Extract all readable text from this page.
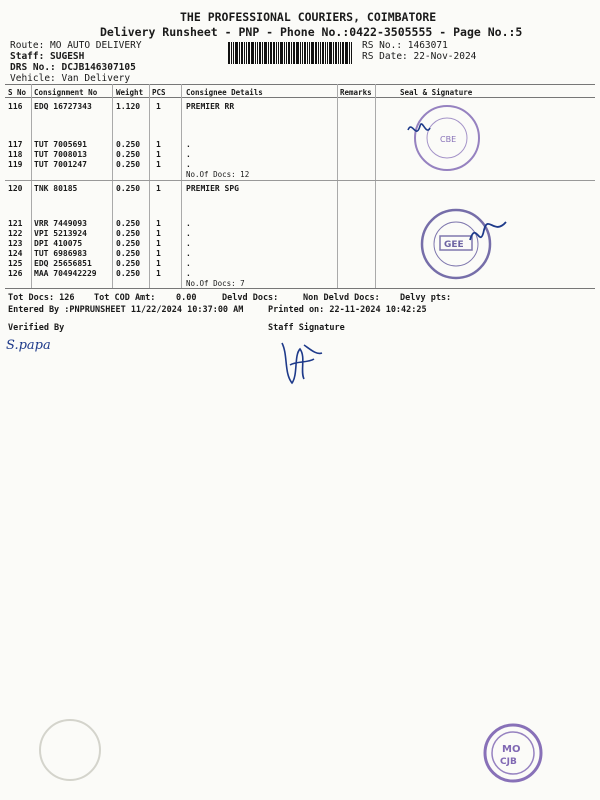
THE PROFESSIONAL COURIERS, COIMBATORE
Delivery Runsheet - PNP - Phone No.:0422-3505555 - Page No.:5
Route: MO AUTO DELIVERY
Staff: SUGESH
DRS No.: DCJB146307105
Vehicle: Van Delivery
RS No.: 1463071
RS Date: 22-Nov-2024
S No Consignment No	Weight PCS	Consignee Details	Remarks	Seal & Signature
116 EDQ 16727343	1.120 1	PREMIER RR
117 TUT 7005691	0.250 1	.
118 TUT 7008013	0.250 1	.
119 TUT 7001247	0.250 1	.
No.Of Docs: 12
120 TNK 80185	0.250 1	PREMIER SPG
121 VRR 7449093	0.250 1	.
122 VPI 5213924	0.250 1	.
123 DPI 410075	0.250 1	.
124 TUT 6986983	0.250 1	.
125 EDQ 25656851	0.250 1	.
126 MAA 704942229 0.250 1	.
No.Of Docs: 7
Tot Docs: 126 Tot COD Amt: 0.00	Delvd Docs:	Non Delvd Docs: Delvy pts:
Entered By :PNPRUNSHEET 11/22/2024 10:37:00 AM	Printed on: 22-11-2024 10:42:25
Verified By	Staff Signature
S.papa
CBE
GEE
MO
CJB
